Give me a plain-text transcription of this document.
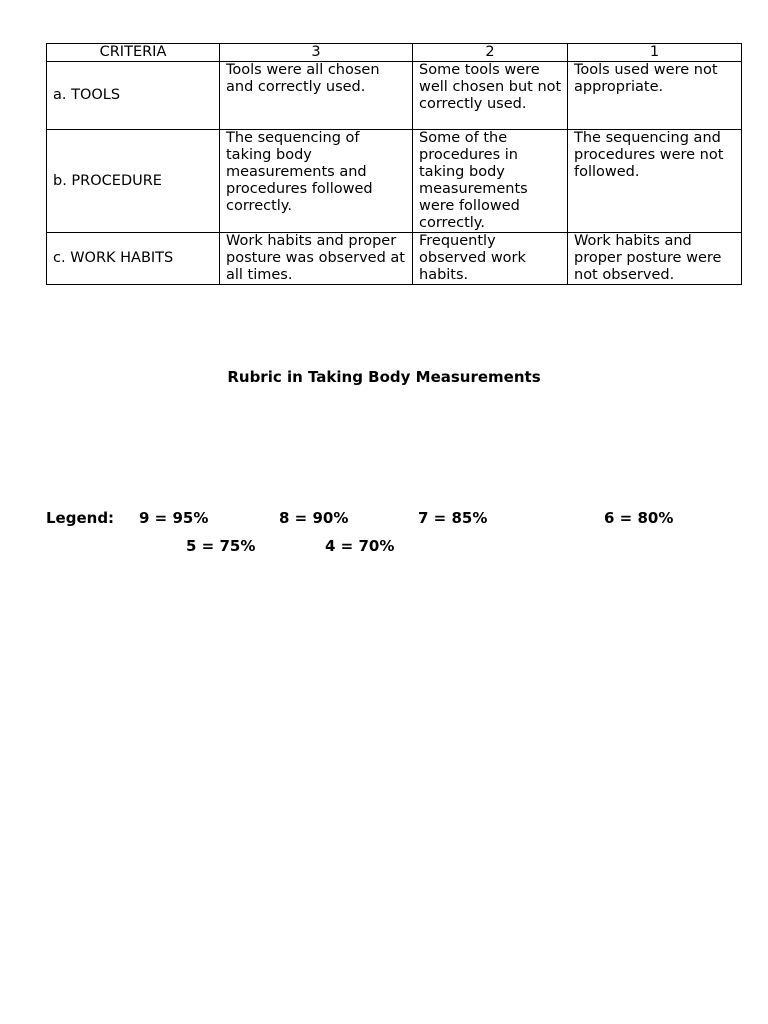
CRITERIA	3	2	1
a. TOOLS	Tools were all chosen and correctly used.	Some tools were well chosen but not correctly used.	Tools used were not appropriate.
b. PROCEDURE	The sequencing of taking body measurements and procedures followed correctly.	Some of the procedures in taking body measurements were followed correctly.	The sequencing and procedures were not followed.
c. WORK HABITS	Work habits and proper posture was observed at all times.	Frequently observed work habits.	Work habits and proper posture were not observed.
Rubric in Taking Body Measurements
Legend: 9 = 95%	8 = 90%	7 = 85%	6 = 80%
5 = 75%	4 = 70%
